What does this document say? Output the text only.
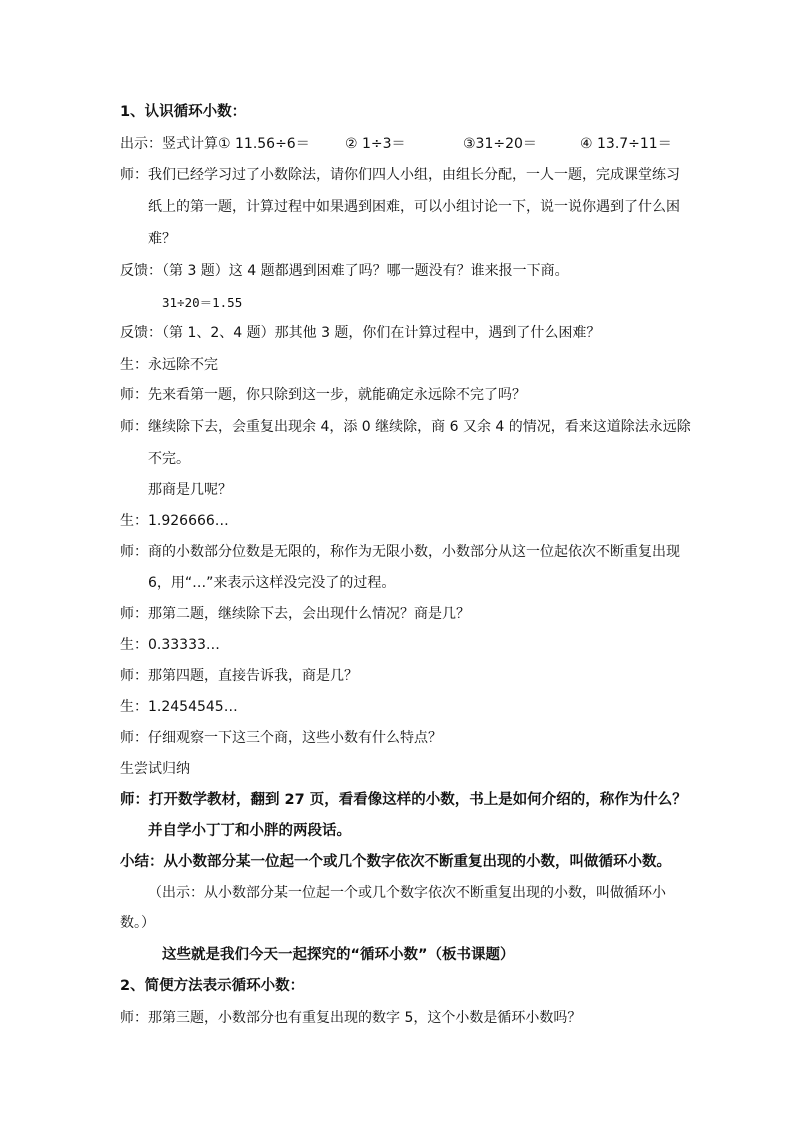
1、认识循环小数：
出示：竖式计算① 11.56÷6＝	② 1÷3＝	③31÷20＝	④ 13.7÷11＝
师：我们已经学习过了小数除法，请你们四人小组，由组长分配，一人一题，完成课堂练习
纸上的第一题，计算过程中如果遇到困难，可以小组讨论一下，说一说你遇到了什么困
难？
反馈：（第 3 题）这 4 题都遇到困难了吗？哪一题没有？谁来报一下商。
31÷20＝1.55
反馈：（第 1、2、4 题）那其他 3 题，你们在计算过程中，遇到了什么困难？
生：永远除不完
师：先来看第一题，你只除到这一步，就能确定永远除不完了吗？
师：继续除下去，会重复出现余 4，添 0 继续除，商 6 又余 4 的情况，看来这道除法永远除
不完。
那商是几呢？
生：1.926666…
师：商的小数部分位数是无限的，称作为无限小数，小数部分从这一位起依次不断重复出现
6，用“…”来表示这样没完没了的过程。
师：那第二题，继续除下去，会出现什么情况？商是几？
生：0.33333…
师：那第四题，直接告诉我，商是几？
生：1.2454545…
师：仔细观察一下这三个商，这些小数有什么特点？
生尝试归纳
师：打开数学教材，翻到 27 页，看看像这样的小数，书上是如何介绍的，称作为什么？
并自学小丁丁和小胖的两段话。
小结：从小数部分某一位起一个或几个数字依次不断重复出现的小数，叫做循环小数。
（出示：从小数部分某一位起一个或几个数字依次不断重复出现的小数，叫做循环小
数。）
这些就是我们今天一起探究的“循环小数”（板书课题）
2、简便方法表示循环小数：
师：那第三题，小数部分也有重复出现的数字 5，这个小数是循环小数吗？
